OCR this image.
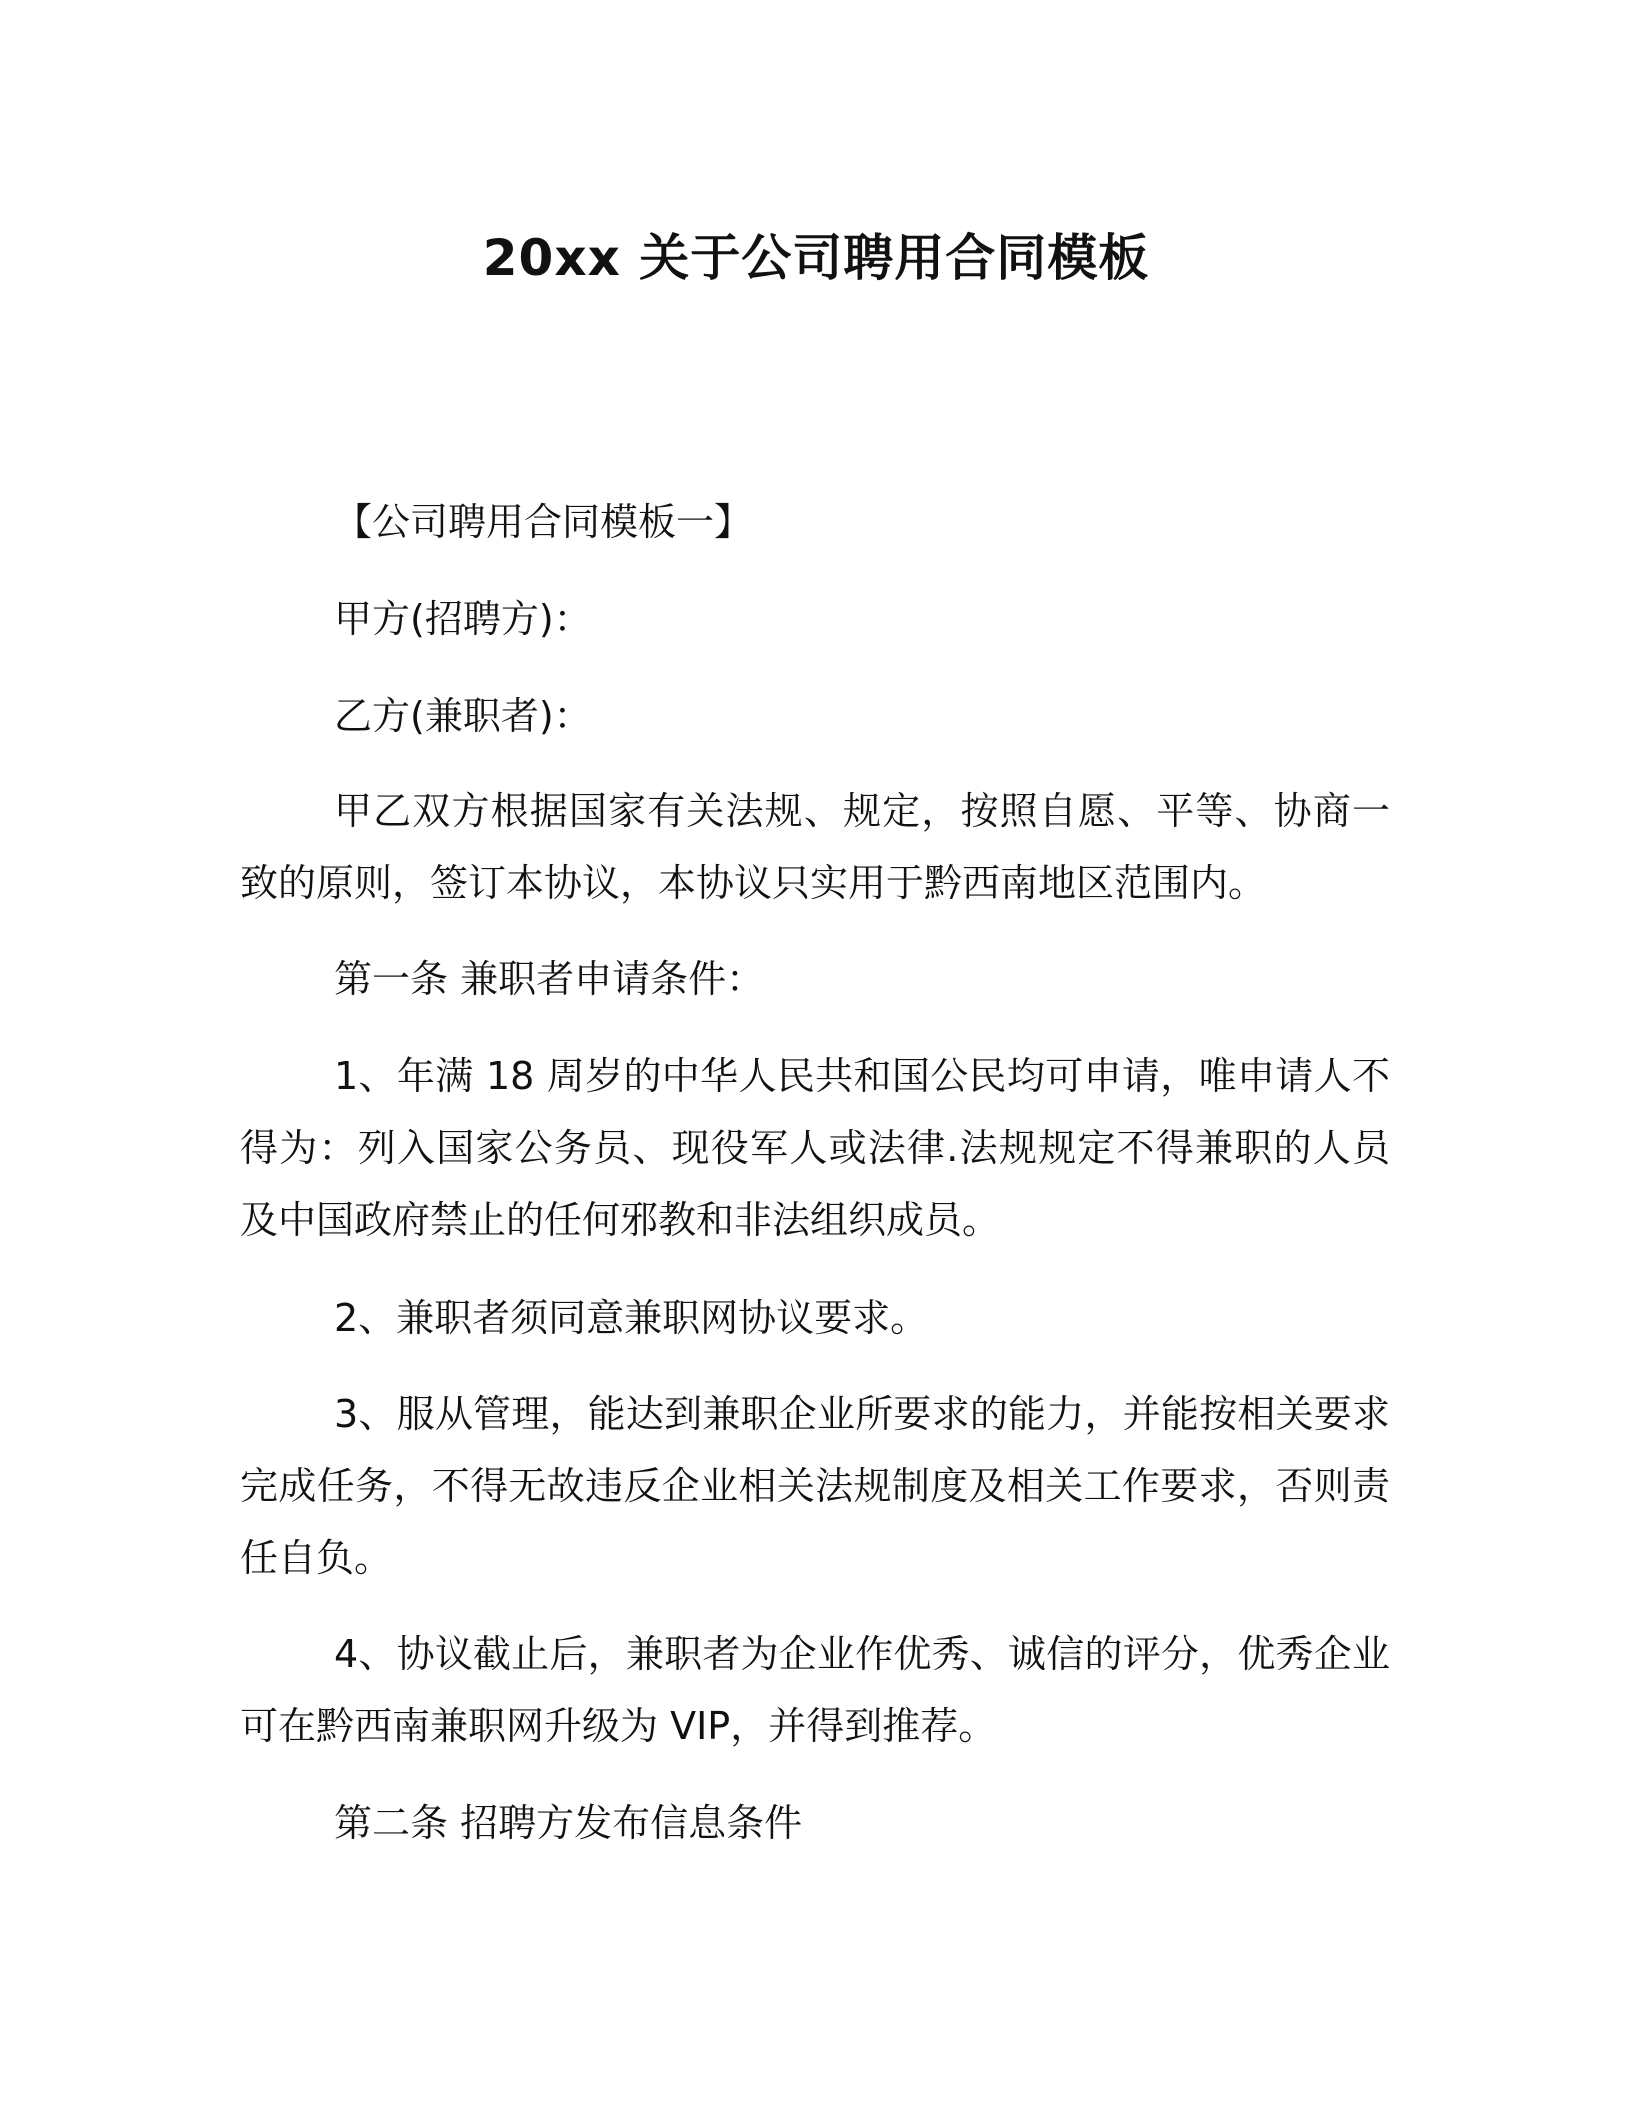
20xx 关于公司聘用合同模板

【公司聘用合同模板一】

甲方(招聘方)：

乙方(兼职者)：

甲乙双方根据国家有关法规、规定，按照自愿、平等、协商一致的原则，签订本协议，本协议只实用于黔西南地区范围内。

第一条 兼职者申请条件：

1、年满 18 周岁的中华人民共和国公民均可申请，唯申请人不得为：列入国家公务员、现役军人或法律.法规规定不得兼职的人员及中国政府禁止的任何邪教和非法组织成员。

2、兼职者须同意兼职网协议要求。

3、服从管理，能达到兼职企业所要求的能力，并能按相关要求完成任务，不得无故违反企业相关法规制度及相关工作要求，否则责任自负。

4、协议截止后，兼职者为企业作优秀、诚信的评分，优秀企业可在黔西南兼职网升级为 VIP，并得到推荐。

第二条 招聘方发布信息条件
